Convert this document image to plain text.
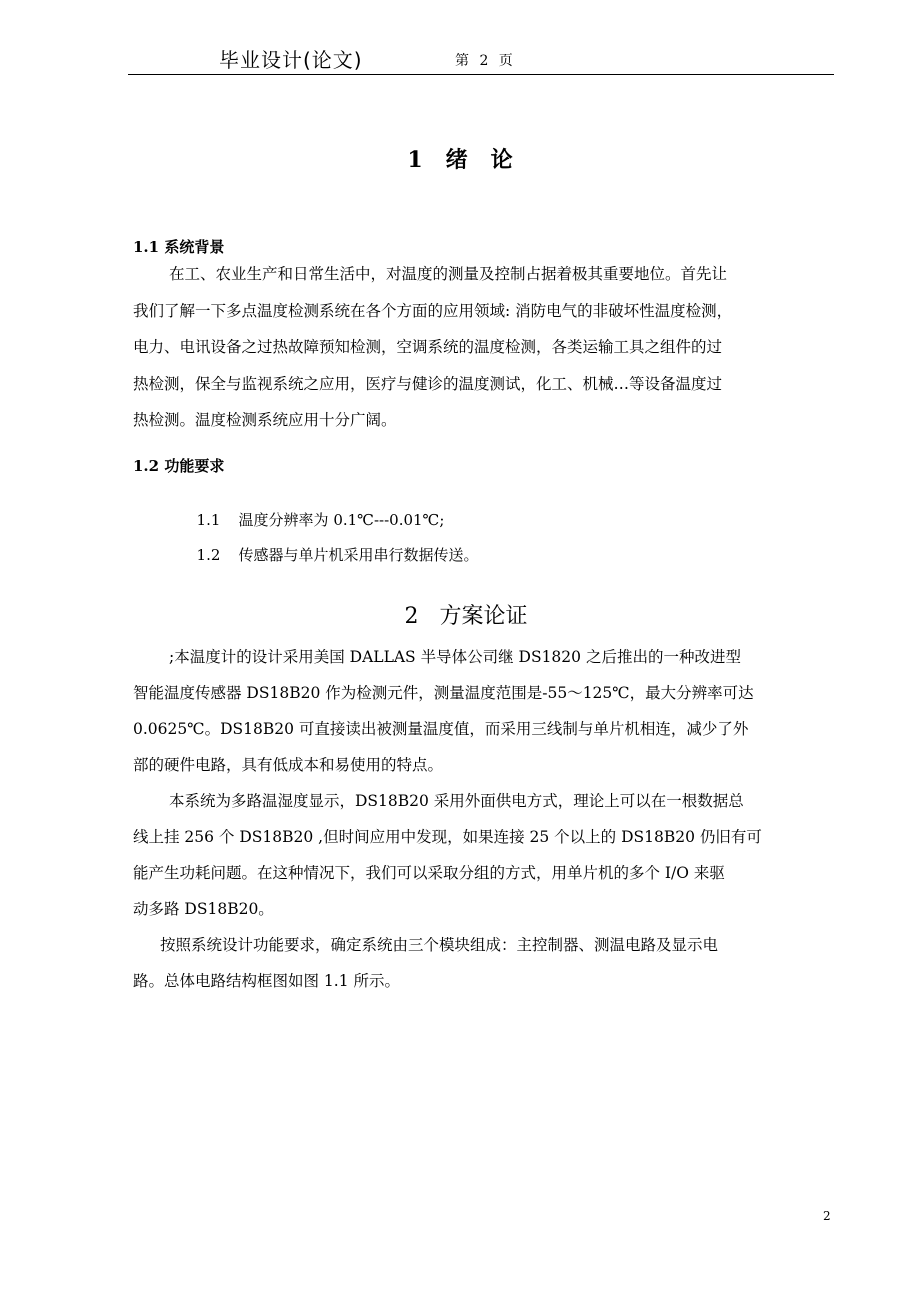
毕业设计(论文)	第 2 页
1   绪   论
1.1 系统背景
在工、农业生产和日常生活中，对温度的测量及控制占据着极其重要地位。首先让
我们了解一下多点温度检测系统在各个方面的应用领域: 消防电气的非破坏性温度检测，
电力、电讯设备之过热故障预知检测，空调系统的温度检测，各类运输工具之组件的过
热检测，保全与监视系统之应用，医疗与健诊的温度测试，化工、机械…等设备温度过
热检测。温度检测系统应用十分广阔。
1.2 功能要求

1.1 温度分辨率为 0.1℃---0.01℃;

1.2 传感器与单片机采用串行数据传送。

2   方案论证
;本温度计的设计采用美国 DALLAS 半导体公司继 DS1820 之后推出的一种改进型
智能温度传感器 DS18B20 作为检测元件，测量温度范围是-55～125℃，最大分辨率可达
0.0625℃。DS18B20 可直接读出被测量温度值，而采用三线制与单片机相连，减少了外
部的硬件电路，具有低成本和易使用的特点。
本系统为多路温湿度显示，DS18B20 采用外面供电方式，理论上可以在一根数据总
线上挂 256 个 DS18B20 ,但时间应用中发现，如果连接 25 个以上的 DS18B20 仍旧有可
能产生功耗问题。在这种情况下，我们可以采取分组的方式，用单片机的多个 I/O 来驱
动多路 DS18B20。
按照系统设计功能要求，确定系统由三个模块组成：主控制器、测温电路及显示电
路。总体电路结构框图如图 1.1 所示。
2
